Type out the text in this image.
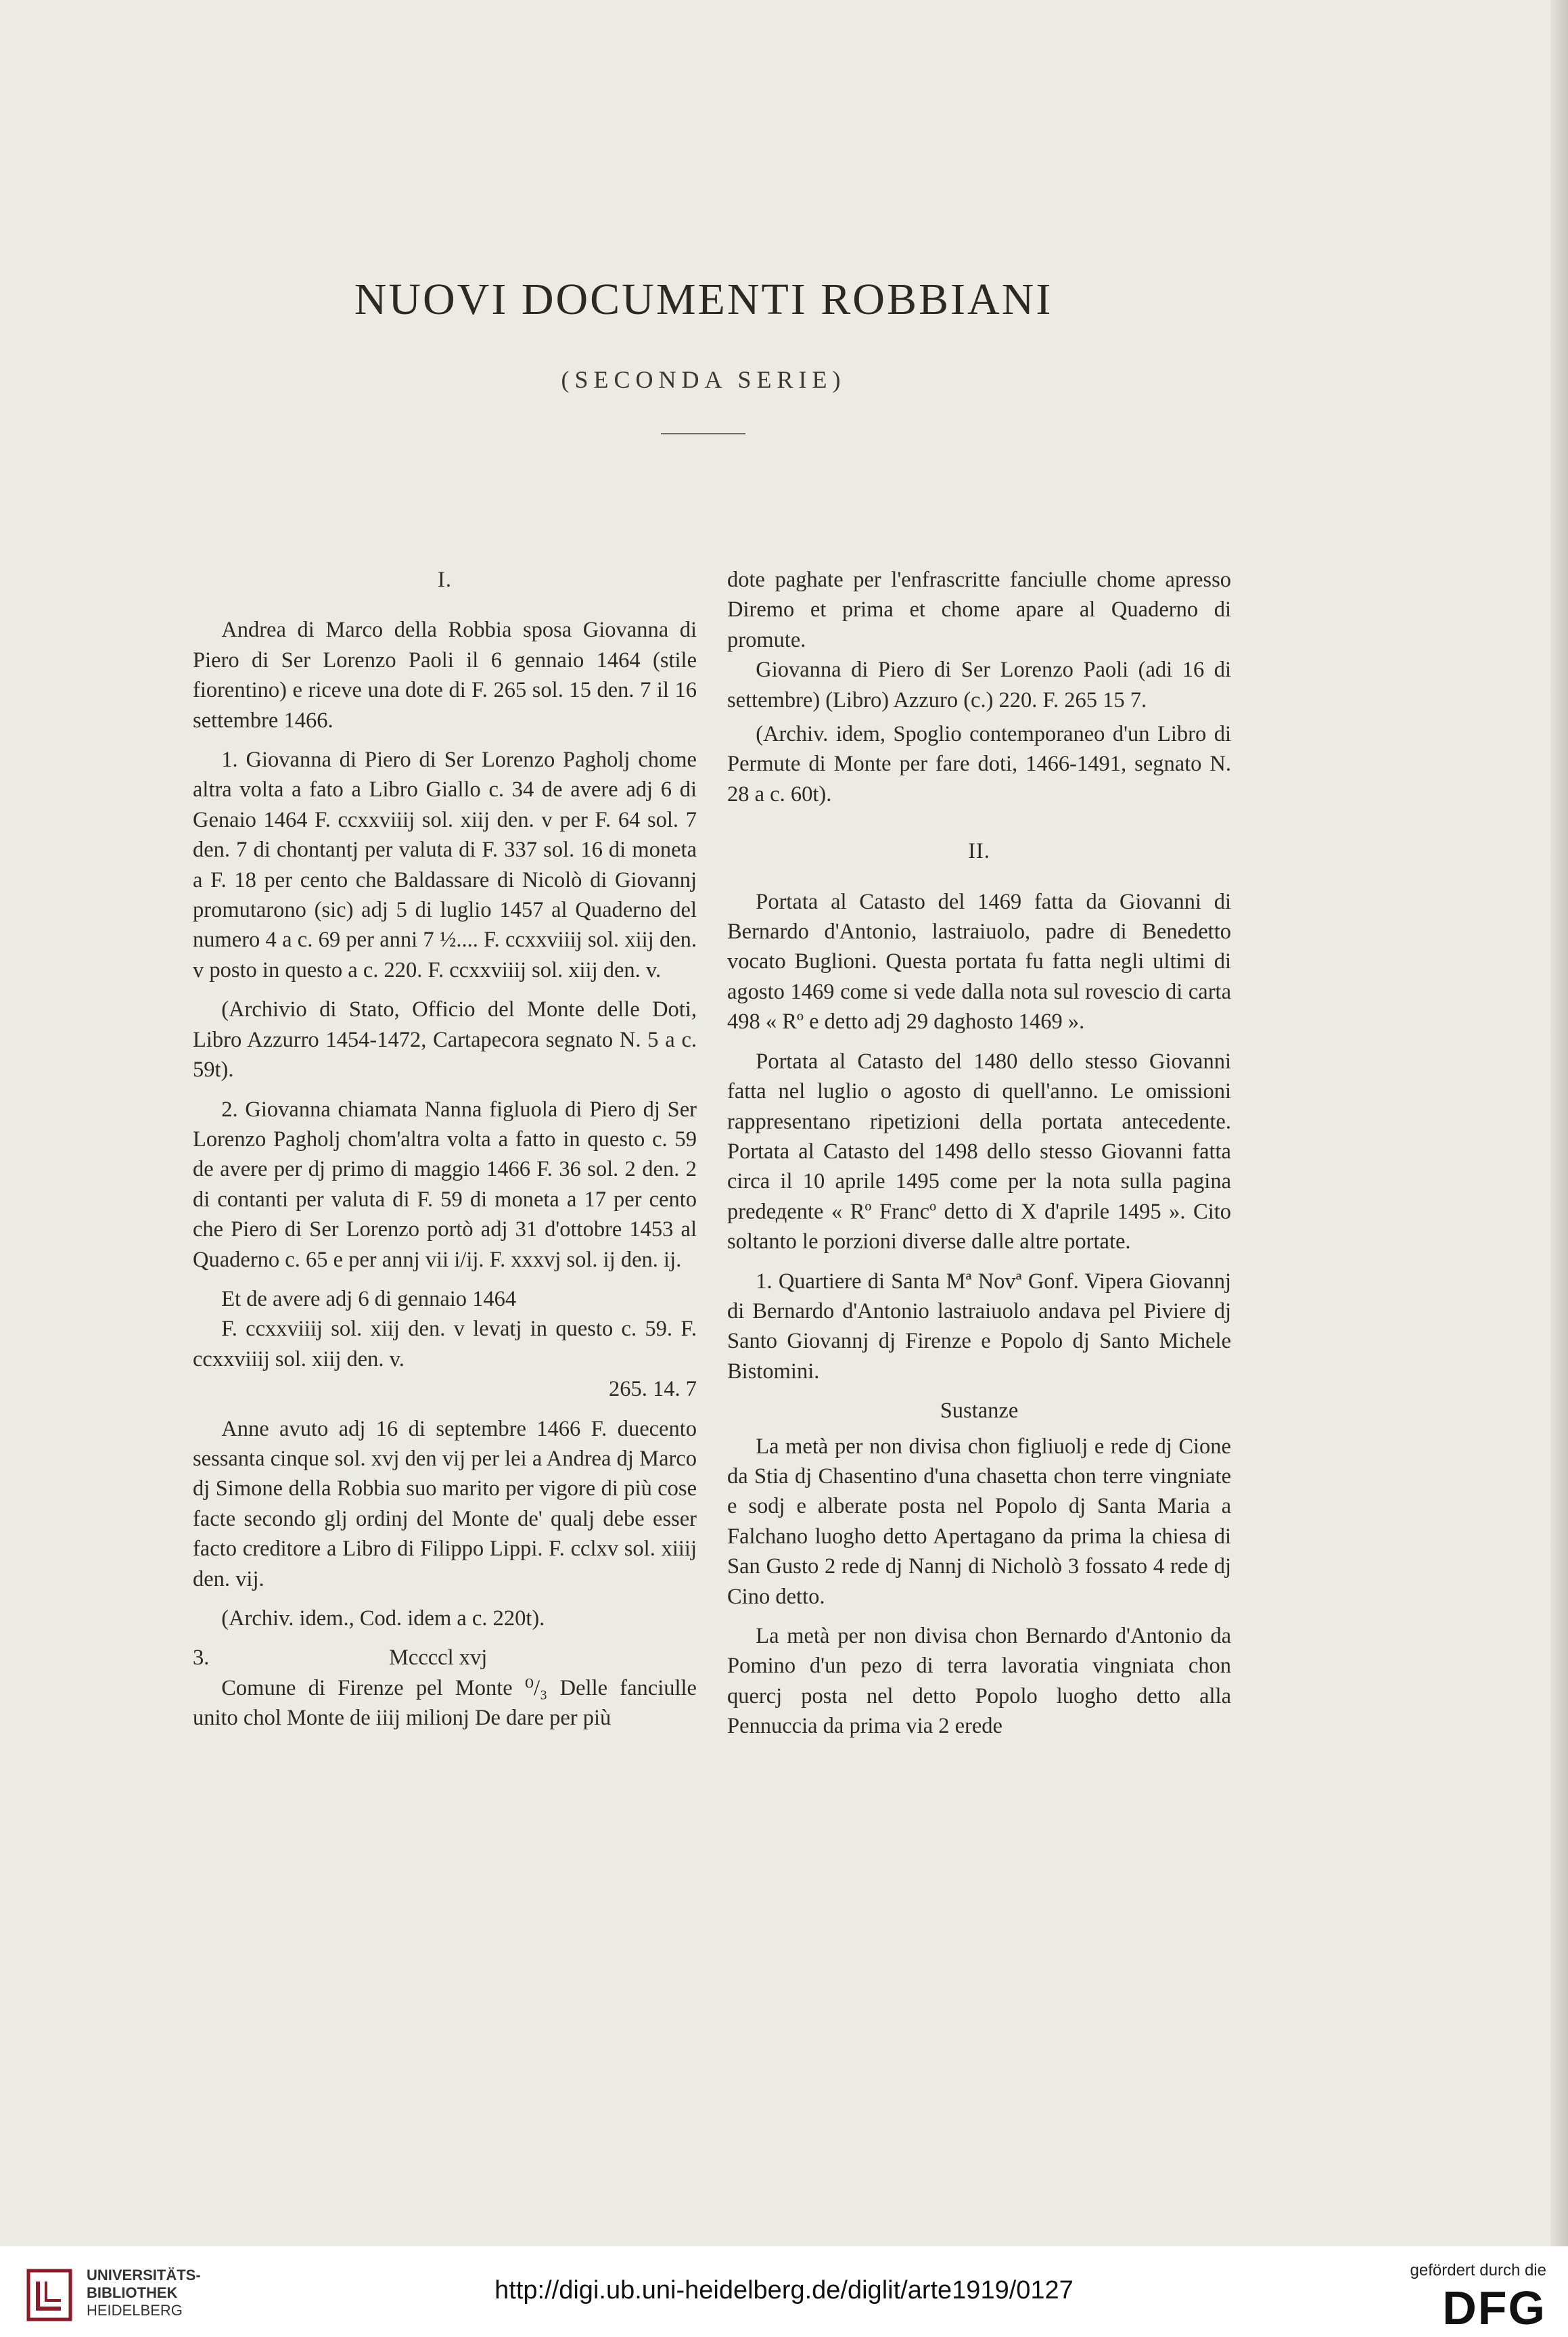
NUOVI DOCUMENTI ROBBIANI
(SECONDA SERIE)

I.

Andrea di Marco della Robbia sposa Giovanna di Piero di Ser Lorenzo Paoli il 6 gennaio 1464 (stile fiorentino) e riceve una dote di F. 265 sol. 15 den. 7 il 16 settembre 1466.

1. Giovanna di Piero di Ser Lorenzo Pagholj chome altra volta a fato a Libro Giallo c. 34 de avere adj 6 di Genaio 1464 F. ccxxviiij sol. xiij den. v per F. 64 sol. 7 den. 7 di chontantj per valuta di F. 337 sol. 16 di moneta a F. 18 per cento che Baldassare di Nicolò di Giovannj promutarono (sic) adj 5 di luglio 1457 al Quaderno del numero 4 a c. 69 per anni 7 ½.... F. ccxxviiij sol. xiij den. v posto in questo a c. 220. F. ccxxviiij sol. xiij den. v.

(Archivio di Stato, Officio del Monte delle Doti, Libro Azzurro 1454-1472, Cartapecora segnato N. 5 a c. 59t).

2. Giovanna chiamata Nanna figluola di Piero dj Ser Lorenzo Pagholj chom'altra volta a fatto in questo c. 59 de avere per dj primo di maggio 1466 F. 36 sol. 2 den. 2 di contanti per valuta di F. 59 di moneta a 17 per cento che Piero di Ser Lorenzo portò adj 31 d'ottobre 1453 al Quaderno c. 65 e per annj vii i/ij. F. xxxvj sol. ij den. ij.

Et de avere adj 6 di gennaio 1464

F. ccxxviiij sol. xiij den. v levatj in questo c. 59. F. ccxxviiij sol. xiij den. v.

265. 14. 7

Anne avuto adj 16 di septembre 1466 F. duecento sessanta cinque sol. xvj den vij per lei a Andrea dj Marco dj Simone della Robbia suo marito per vigore di più cose facte secondo glj ordinj del Monte de' qualj debe esser facto creditore a Libro di Filippo Lippi. F. cclxv sol. xiiij den. vij.

(Archiv. idem., Cod. idem a c. 220t).

3.	Mccccl xvj

Comune di Firenze pel Monte ⁰/₃ Delle fanciulle unito chol Monte de iiij milionj De dare per più

dote paghate per l'enfrascritte fanciulle chome apresso Diremo et prima et chome apare al Quaderno di promute.

Giovanna di Piero di Ser Lorenzo Paoli (adi 16 di settembre) (Libro) Azzuro (c.) 220. F. 265 15 7.

(Archiv. idem, Spoglio contemporaneo d'un Libro di Permute di Monte per fare doti, 1466-1491, segnato N. 28 a c. 60t).

II.

Portata al Catasto del 1469 fatta da Giovanni di Bernardo d'Antonio, lastraiuolo, padre di Benedetto vocato Buglioni. Questa portata fu fatta negli ultimi di agosto 1469 come si vede dalla nota sul rovescio di carta 498 « Rº e detto adj 29 daghosto 1469 ».

Portata al Catasto del 1480 dello stesso Giovanni fatta nel luglio o agosto di quell'anno. Le omissioni rappresentano ripetizioni della portata antecedente. Portata al Catasto del 1498 dello stesso Giovanni fatta circa il 10 aprile 1495 come per la nota sulla pagina predедente « Rº Francº detto di X d'aprile 1495 ». Cito soltanto le porzioni diverse dalle altre portate.

1. Quartiere di Santa Mª Novª Gonf. Vipera Giovannj di Bernardo d'Antonio lastraiuolo andava pel Piviere dj Santo Giovannj dj Firenze e Popolo dj Santo Michele Bistomini.

Sustanze

La metà per non divisa chon figliuolj e rede dj Cione da Stia dj Chasentino d'una chasetta chon terre vingniate e sodj e alberate posta nel Popolo dj Santa Maria a Falchano luogho detto Apertagano da prima la chiesa di San Gusto 2 rede dj Nannj di Nicholò 3 fossato 4 rede dj Cino detto.

La metà per non divisa chon Bernardo d'Antonio da Pomino d'un pezo di terra lavoratia vingniata chon quercj posta nel detto Popolo luogho detto alla Pennuccia da prima via 2 erede

UNIVERSITÄTS-
BIBLIOTHEK
HEIDELBERG
http://digi.ub.uni-heidelberg.de/diglit/arte1919/0127
gefördert durch die
DFG
